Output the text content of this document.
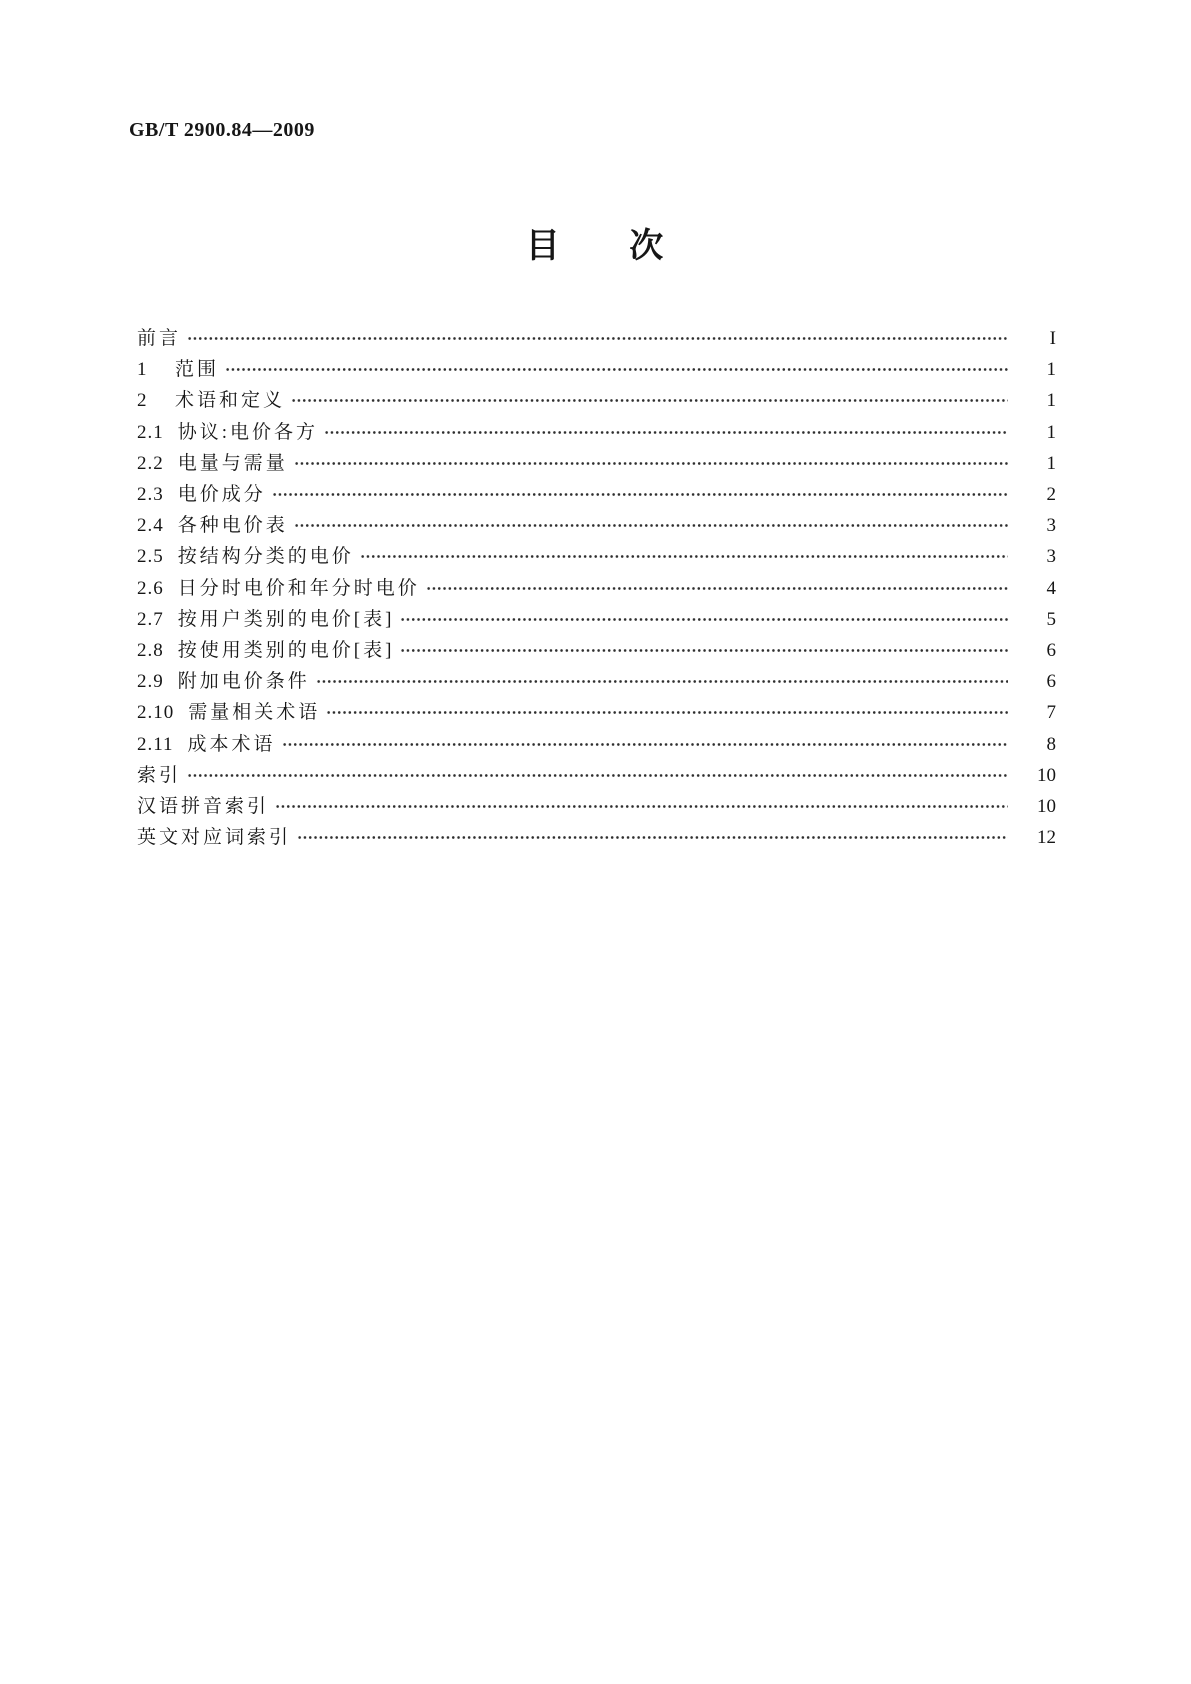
GB/T 2900.84—2009
目 次
前言	I
1	范围	1
2	术语和定义	1
2.1 协议:电价各方	1
2.2 电量与需量	1
2.3 电价成分	2
2.4 各种电价表	3
2.5 按结构分类的电价	3
2.6 日分时电价和年分时电价	4
2.7 按用户类别的电价[表]	5
2.8 按使用类别的电价[表]	6
2.9 附加电价条件	6
2.10 需量相关术语	7
2.11 成本术语	8
索引	10
汉语拼音索引	10
英文对应词索引	12
